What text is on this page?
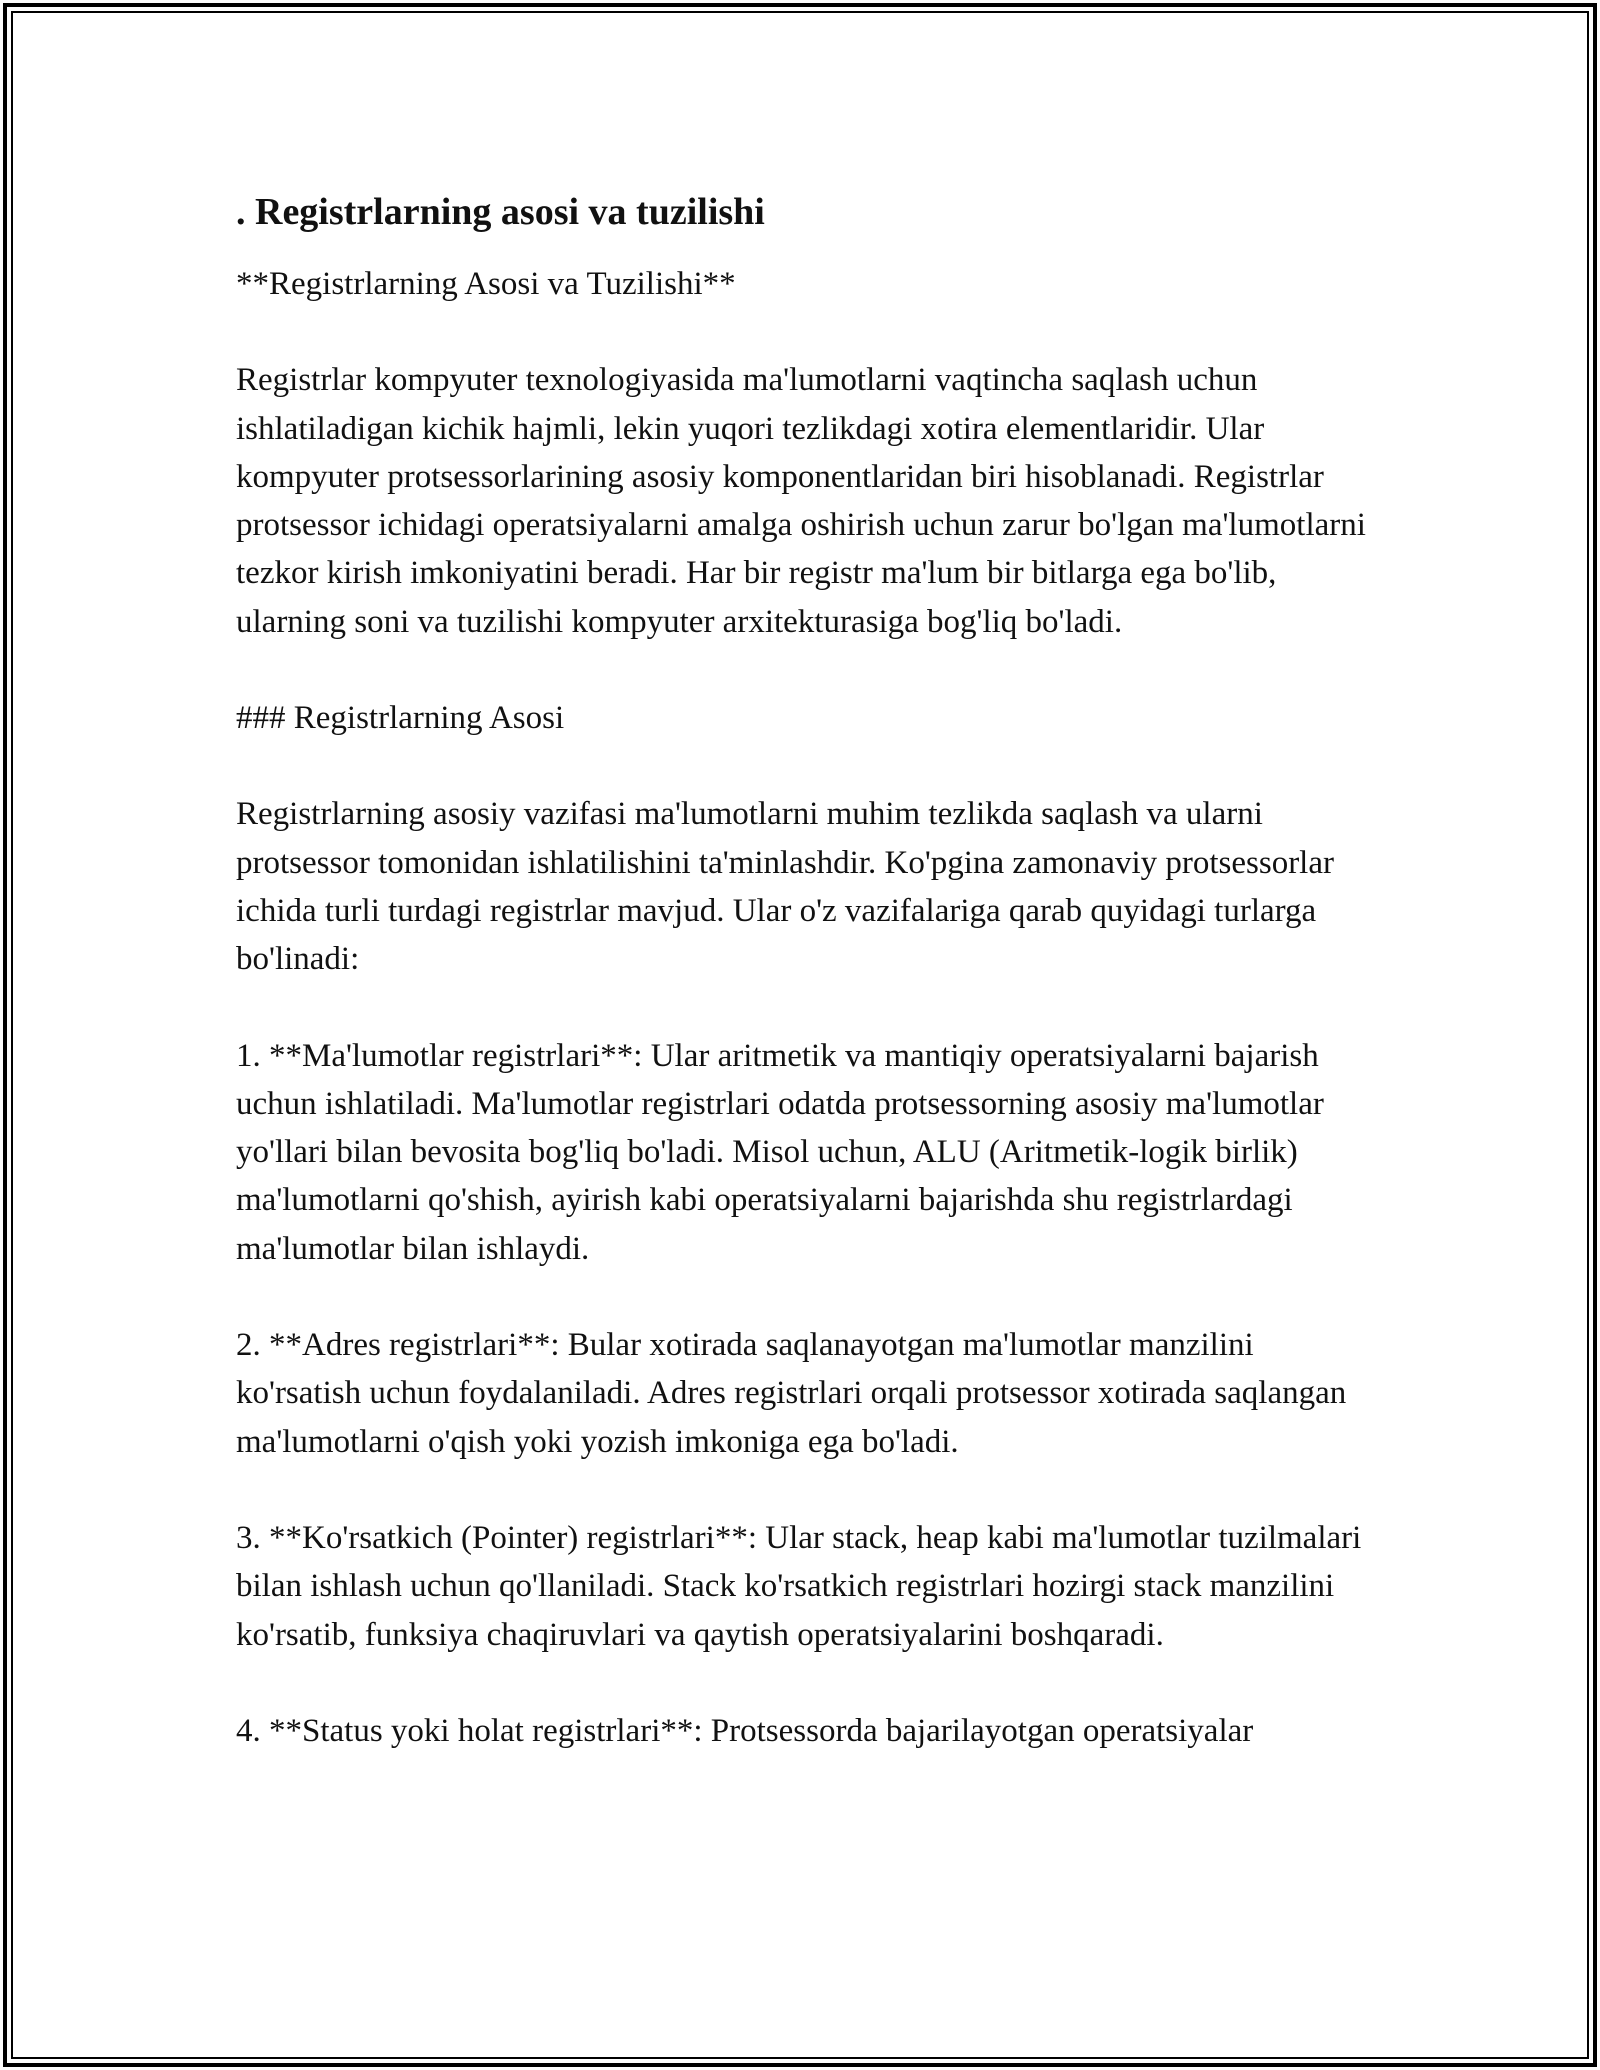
. Registrlarning asosi va tuzilishi

**Registrlarning Asosi va Tuzilishi**

Registrlar kompyuter texnologiyasida ma'lumotlarni vaqtincha saqlash uchun ishlatiladigan kichik hajmli, lekin yuqori tezlikdagi xotira elementlaridir. Ular kompyuter protsessorlarining asosiy komponentlaridan biri hisoblanadi. Registrlar protsessor ichidagi operatsiyalarni amalga oshirish uchun zarur bo'lgan ma'lumotlarni tezkor kirish imkoniyatini beradi. Har bir registr ma'lum bir bitlarga ega bo'lib, ularning soni va tuzilishi kompyuter arxitekturasiga bog'liq bo'ladi.

### Registrlarning Asosi

Registrlarning asosiy vazifasi ma'lumotlarni muhim tezlikda saqlash va ularni protsessor tomonidan ishlatilishini ta'minlashdir. Ko'pgina zamonaviy protsessorlar ichida turli turdagi registrlar mavjud. Ular o'z vazifalariga qarab quyidagi turlarga bo'linadi:

1. **Ma'lumotlar registrlari**: Ular aritmetik va mantiqiy operatsiyalarni bajarish uchun ishlatiladi. Ma'lumotlar registrlari odatda protsessorning asosiy ma'lumotlar yo'llari bilan bevosita bog'liq bo'ladi. Misol uchun, ALU (Aritmetik-logik birlik) ma'lumotlarni qo'shish, ayirish kabi operatsiyalarni bajarishda shu registrlardagi ma'lumotlar bilan ishlaydi.

2. **Adres registrlari**: Bular xotirada saqlanayotgan ma'lumotlar manzilini ko'rsatish uchun foydalaniladi. Adres registrlari orqali protsessor xotirada saqlangan ma'lumotlarni o'qish yoki yozish imkoniga ega bo'ladi.

3. **Ko'rsatkich (Pointer) registrlari**: Ular stack, heap kabi ma'lumotlar tuzilmalari bilan ishlash uchun qo'llaniladi. Stack ko'rsatkich registrlari hozirgi stack manzilini ko'rsatib, funksiya chaqiruvlari va qaytish operatsiyalarini boshqaradi.

4. **Status yoki holat registrlari**: Protsessorda bajarilayotgan operatsiyalar
